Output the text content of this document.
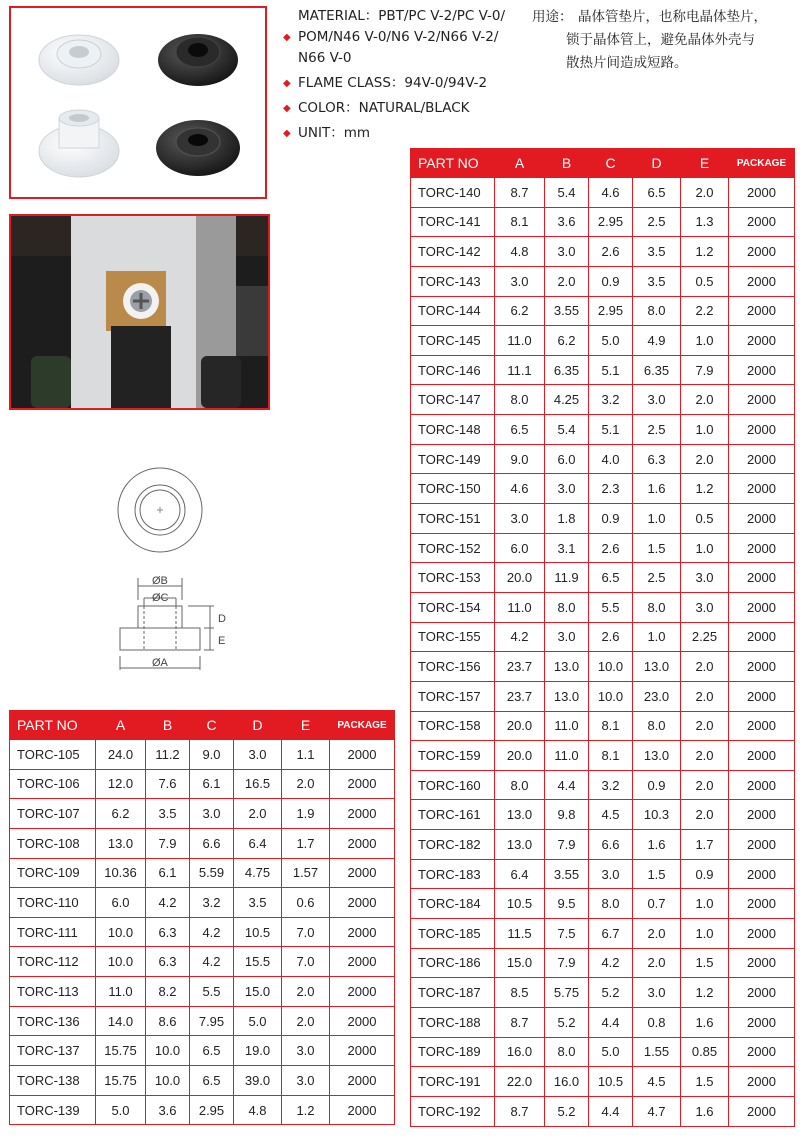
MATERIAL：PBT/PC V-2/PC V-0/
◆ POM/N46 V-0/N6 V-2/N66 V-2/
N66 V-0
◆ FLAME CLASS：94V-0/94V-2
◆ COLOR：NATURAL/BLACK
◆ UNIT：mm
用途： 晶体管垫片，也称电晶体垫片，
锁于晶体管上，避免晶体外壳与
散热片间造成短路。
ØB
ØC
ØA
D
E
PART NO	A	B	C	D	E	PACKAGE
TORC-140	8.7	5.4	4.6	6.5	2.0	2000
TORC-141	8.1	3.6	2.95	2.5	1.3	2000
TORC-142	4.8	3.0	2.6	3.5	1.2	2000
TORC-143	3.0	2.0	0.9	3.5	0.5	2000
TORC-144	6.2	3.55	2.95	8.0	2.2	2000
TORC-145	11.0	6.2	5.0	4.9	1.0	2000
TORC-146	11.1	6.35	5.1	6.35	7.9	2000
TORC-147	8.0	4.25	3.2	3.0	2.0	2000
TORC-148	6.5	5.4	5.1	2.5	1.0	2000
TORC-149	9.0	6.0	4.0	6.3	2.0	2000
TORC-150	4.6	3.0	2.3	1.6	1.2	2000
TORC-151	3.0	1.8	0.9	1.0	0.5	2000
TORC-152	6.0	3.1	2.6	1.5	1.0	2000
TORC-153	20.0	11.9	6.5	2.5	3.0	2000
TORC-154	11.0	8.0	5.5	8.0	3.0	2000
TORC-155	4.2	3.0	2.6	1.0	2.25	2000
TORC-156	23.7	13.0	10.0	13.0	2.0	2000
TORC-157	23.7	13.0	10.0	23.0	2.0	2000
TORC-158	20.0	11.0	8.1	8.0	2.0	2000
TORC-159	20.0	11.0	8.1	13.0	2.0	2000
TORC-160	8.0	4.4	3.2	0.9	2.0	2000
TORC-161	13.0	9.8	4.5	10.3	2.0	2000
TORC-182	13.0	7.9	6.6	1.6	1.7	2000
TORC-183	6.4	3.55	3.0	1.5	0.9	2000
TORC-184	10.5	9.5	8.0	0.7	1.0	2000
TORC-185	11.5	7.5	6.7	2.0	1.0	2000
TORC-186	15.0	7.9	4.2	2.0	1.5	2000
TORC-187	8.5	5.75	5.2	3.0	1.2	2000
TORC-188	8.7	5.2	4.4	0.8	1.6	2000
TORC-189	16.0	8.0	5.0	1.55	0.85	2000
TORC-191	22.0	16.0	10.5	4.5	1.5	2000
TORC-192	8.7	5.2	4.4	4.7	1.6	2000
PART NO	A	B	C	D	E	PACKAGE
TORC-105	24.0	11.2	9.0	3.0	1.1	2000
TORC-106	12.0	7.6	6.1	16.5	2.0	2000
TORC-107	6.2	3.5	3.0	2.0	1.9	2000
TORC-108	13.0	7.9	6.6	6.4	1.7	2000
TORC-109	10.36	6.1	5.59	4.75	1.57	2000
TORC-110	6.0	4.2	3.2	3.5	0.6	2000
TORC-111	10.0	6.3	4.2	10.5	7.0	2000
TORC-112	10.0	6.3	4.2	15.5	7.0	2000
TORC-113	11.0	8.2	5.5	15.0	2.0	2000
TORC-136	14.0	8.6	7.95	5.0	2.0	2000
TORC-137	15.75	10.0	6.5	19.0	3.0	2000
TORC-138	15.75	10.0	6.5	39.0	3.0	2000
TORC-139	5.0	3.6	2.95	4.8	1.2	2000
